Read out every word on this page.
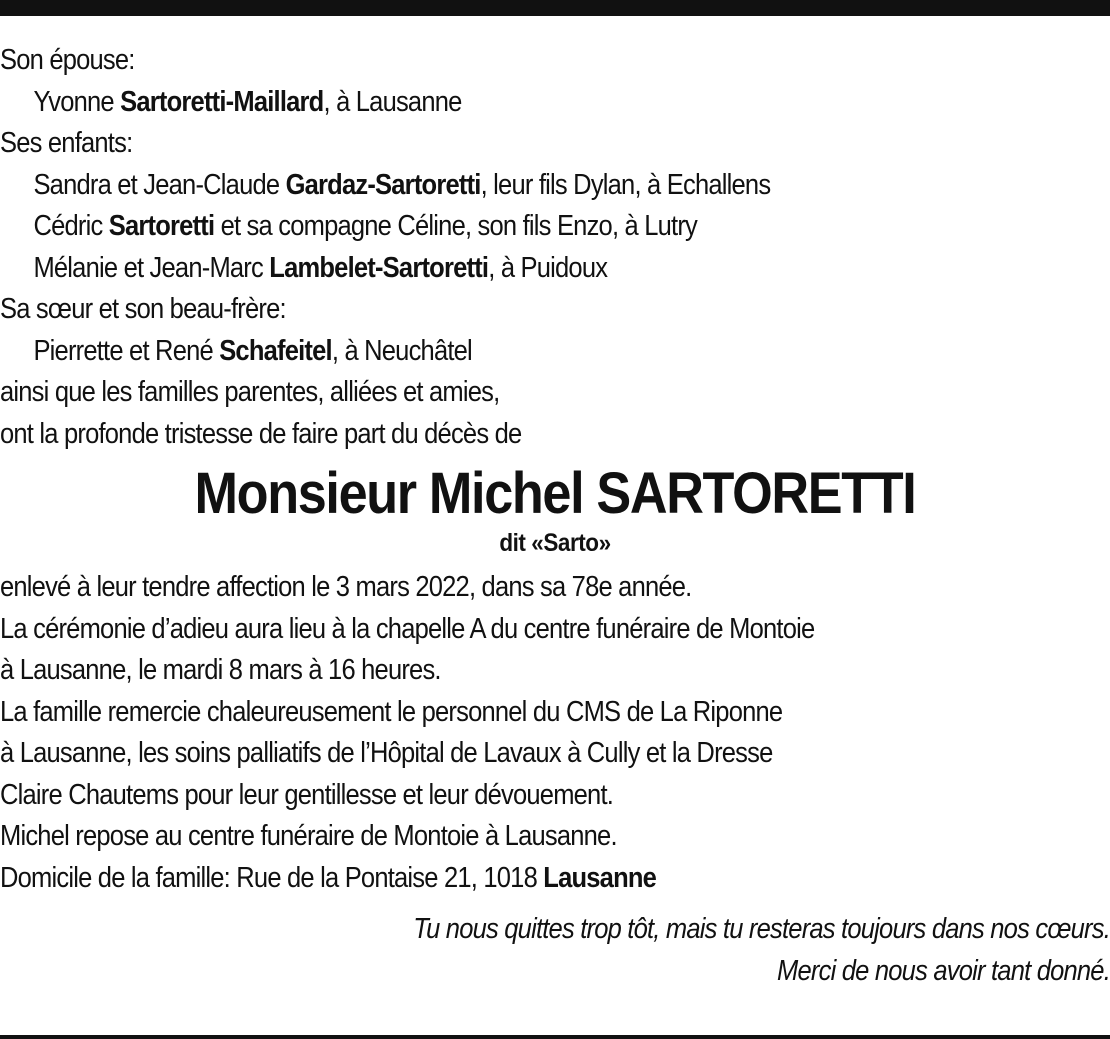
Son épouse:
Yvonne Sartoretti-Maillard, à Lausanne
Ses enfants:
Sandra et Jean-Claude Gardaz-Sartoretti, leur fils Dylan, à Echallens
Cédric Sartoretti et sa compagne Céline, son fils Enzo, à Lutry
Mélanie et Jean-Marc Lambelet-Sartoretti, à Puidoux
Sa sœur et son beau-frère:
Pierrette et René Schafeitel, à Neuchâtel
ainsi que les familles parentes, alliées et amies,
ont la profonde tristesse de faire part du décès de
Monsieur Michel SARTORETTI
dit «Sarto»
enlevé à leur tendre affection le 3 mars 2022, dans sa 78e année.
La cérémonie d’adieu aura lieu à la chapelle A du centre funéraire de Montoie
à Lausanne, le mardi 8 mars à 16 heures.
La famille remercie chaleureusement le personnel du CMS de La Riponne
à Lausanne, les soins palliatifs de l’Hôpital de Lavaux à Cully et la Dresse
Claire Chautems pour leur gentillesse et leur dévouement.
Michel repose au centre funéraire de Montoie à Lausanne.
Domicile de la famille: Rue de la Pontaise 21, 1018 Lausanne
Tu nous quittes trop tôt, mais tu resteras toujours dans nos cœurs.
Merci de nous avoir tant donné.
